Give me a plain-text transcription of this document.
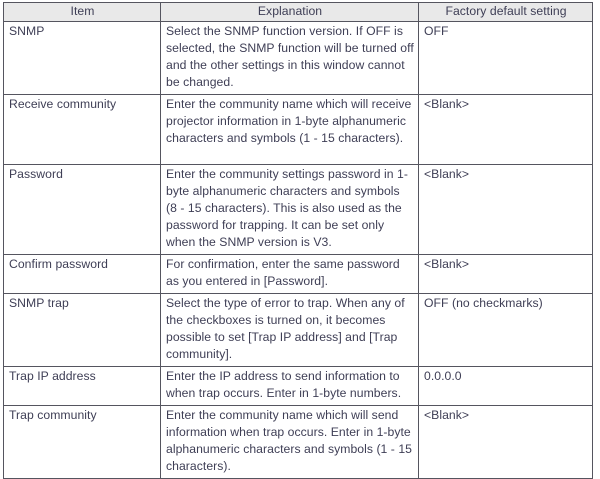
Item	Explanation	Factory default setting
SNMP	Select the SNMP function version. If OFF is selected, the SNMP function will be turned off and the other settings in this window cannot be changed.	OFF
Receive community	Enter the community name which will receive projector information in 1-byte alphanumeric characters and symbols (1 - 15 characters).	<Blank>
Password	Enter the community settings password in 1-byte alphanumeric characters and symbols (8 - 15 characters). This is also used as the password for trapping. It can be set only when the SNMP version is V3.	<Blank>
Confirm password	For confirmation, enter the same password as you entered in [Password].	<Blank>
SNMP trap	Select the type of error to trap. When any of the checkboxes is turned on, it becomes possible to set [Trap IP address] and [Trap community].	OFF (no checkmarks)
Trap IP address	Enter the IP address to send information to when trap occurs. Enter in 1-byte numbers.	0.0.0.0
Trap community	Enter the community name which will send information when trap occurs. Enter in 1-byte alphanumeric characters and symbols (1 - 15 characters).	<Blank>
